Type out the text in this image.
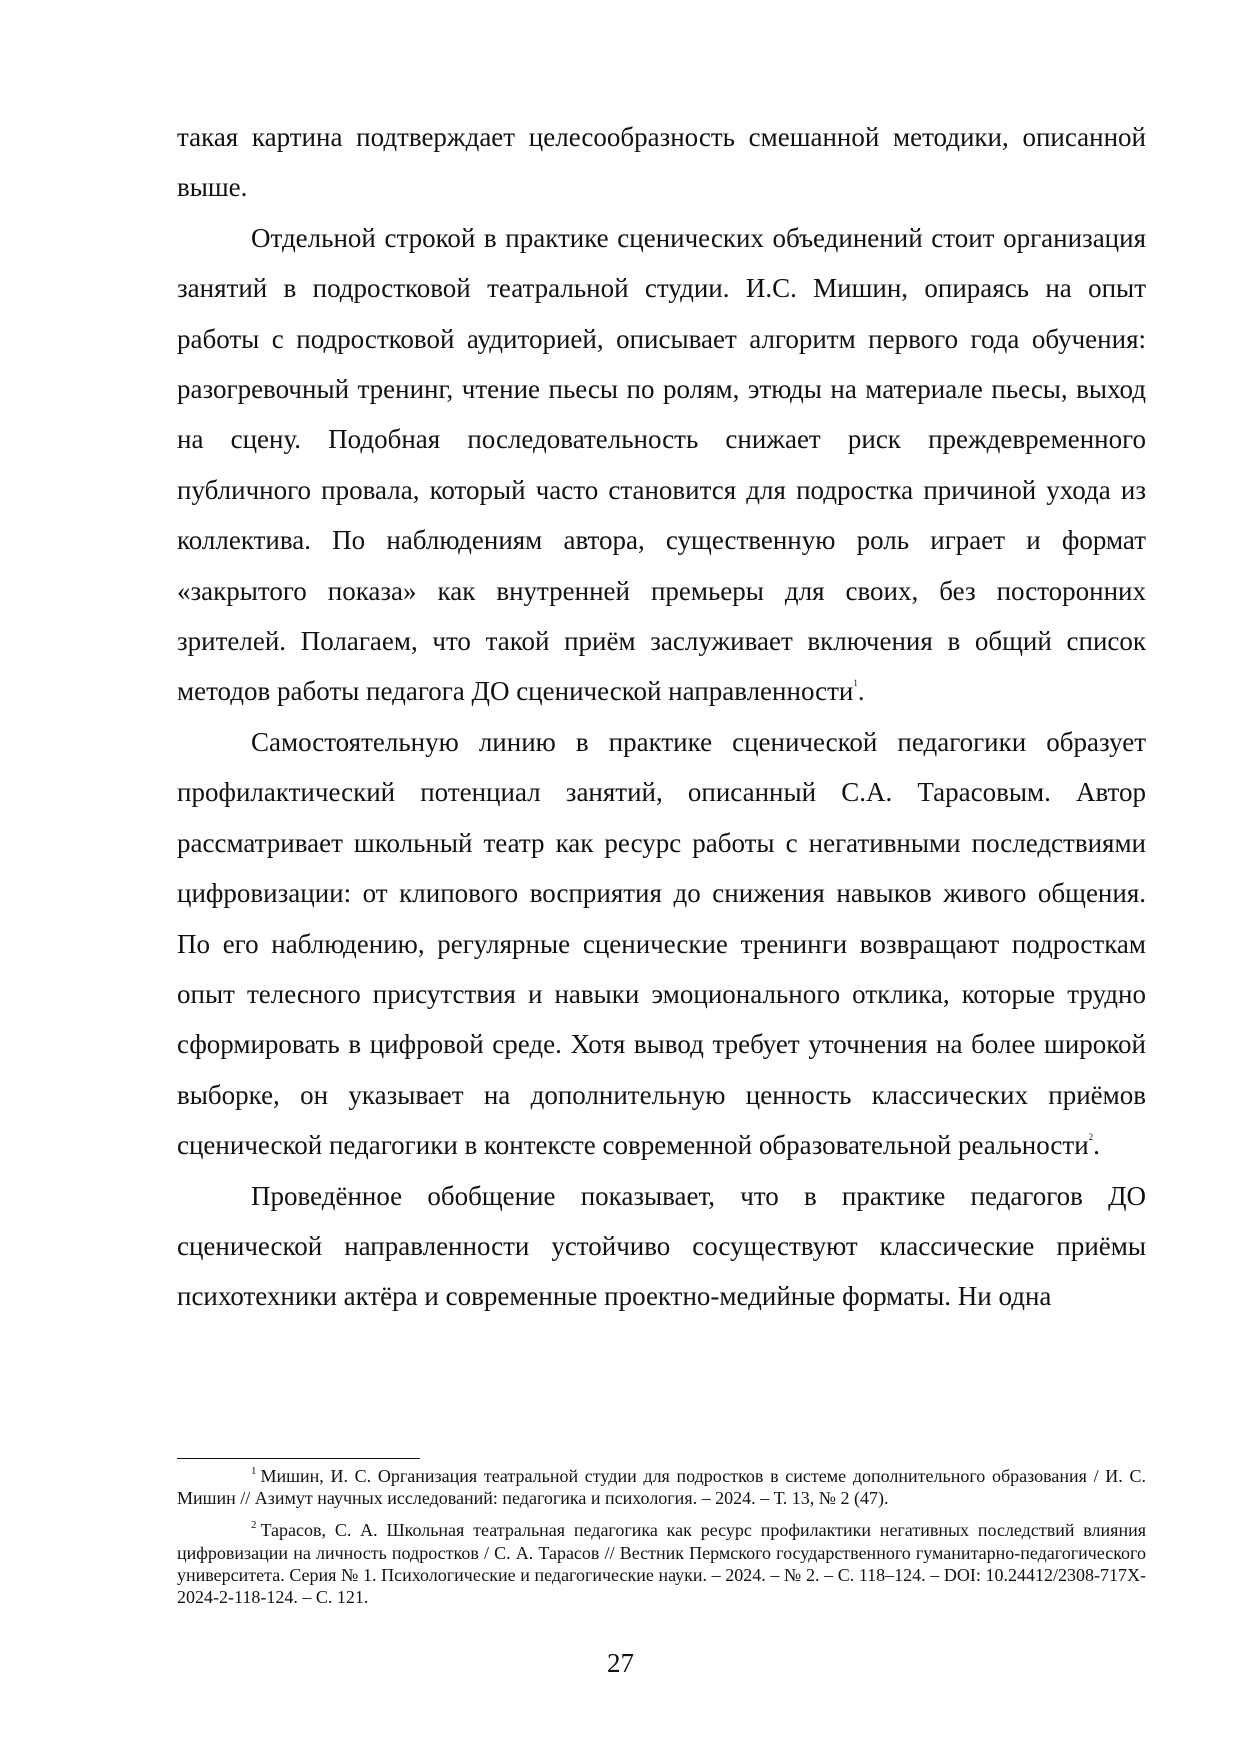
такая картина подтверждает целесообразность смешанной методики, описанной выше.

Отдельной строкой в практике сценических объединений стоит организация занятий в подростковой театральной студии. И.С. Мишин, опираясь на опыт работы с подростковой аудиторией, описывает алгоритм первого года обучения: разогревочный тренинг, чтение пьесы по ролям, этюды на материале пьесы, выход на сцену. Подобная последовательность снижает риск преждевременного публичного провала, который часто становится для подростка причиной ухода из коллектива. По наблюдениям автора, существенную роль играет и формат «закрытого показа» как внутренней премьеры для своих, без посторонних зрителей. Полагаем, что такой приём заслуживает включения в общий список методов работы педагога ДО сценической направленности$^1$.

Самостоятельную линию в практике сценической педагогики образует профилактический потенциал занятий, описанный С.А. Тарасовым. Автор рассматривает школьный театр как ресурс работы с негативными последствиями цифровизации: от клипового восприятия до снижения навыков живого общения. По его наблюдению, регулярные сценические тренинги возвращают подросткам опыт телесного присутствия и навыки эмоционального отклика, которые трудно сформировать в цифровой среде. Хотя вывод требует уточнения на более широкой выборке, он указывает на дополнительную ценность классических приёмов сценической педагогики в контексте современной образовательной реальности$^2$.

Проведённое обобщение показывает, что в практике педагогов ДО сценической направленности устойчиво сосуществуют классические приёмы психотехники актёра и современные проектно-медийные форматы. Ни одна

$^1$ Мишин, И. С. Организация театральной студии для подростков в системе дополнительного образования / И. С. Мишин // Азимут научных исследований: педагогика и психология. – 2024. – Т. 13, № 2 (47).

$^2$ Тарасов, С. А. Школьная театральная педагогика как ресурс профилактики негативных последствий влияния цифровизации на личность подростков / С. А. Тарасов // Вестник Пермского государственного гуманитарно-педагогического университета. Серия № 1. Психологические и педагогические науки. – 2024. – № 2. – С. 118–124. – DOI: 10.24412/2308-717X-2024-2-118-124. – С. 121.

27
